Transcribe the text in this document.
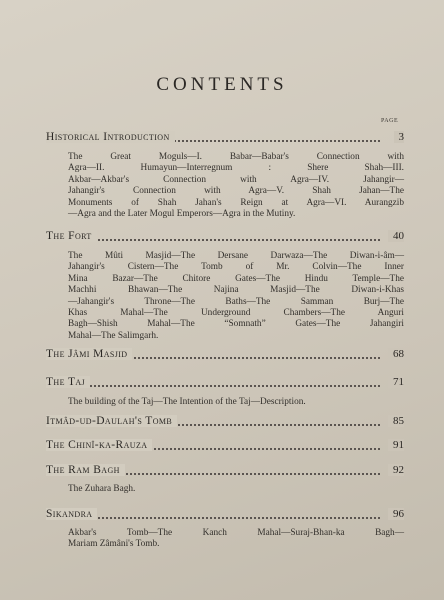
CONTENTS
PAGE
Historical Introduction	3
The Great Moguls—I. Babar—Babar's Connection with
Agra—II. Humayun—Interregnum : Shere Shah—III.
Akbar—Akbar's Connection with Agra—IV. Jahangir—
Jahangir's Connection with Agra—V. Shah Jahan—The
Monuments of Shah Jahan's Reign at Agra—VI. Aurangzib
—Agra and the Later Mogul Emperors—Agra in the Mutiny.
The Fort	40
The Mûti Masjid—The Dersane Darwaza—The Diwan-i-âm—
Jahangir's Cistern—The Tomb of Mr. Colvin—The Inner
Mina Bazar—The Chitore Gates—The Hindu Temple—The
Machhi Bhawan—The Najina Masjid—The Diwan-i-Khas
—Jahangir's Throne—The Baths—The Samman Burj—The
Khas Mahal—The Underground Chambers—The Anguri
Bagh—Shish Mahal—The “Somnath” Gates—The Jahangiri
Mahal—The Salimgarh.
The Jâmi Masjid	68
The Taj	71
The building of the Taj—The Intention of the Taj—Description.
Itmâd-ud-Daulah's Tomb	85
The Chinî-ka-Rauza	91
The Ram Bagh	92
The Zuhara Bagh.
Sikandra	96
Akbar's Tomb—The Kanch Mahal—Suraj-Bhan-ka Bagh—
Mariam Zâmâni's Tomb.
